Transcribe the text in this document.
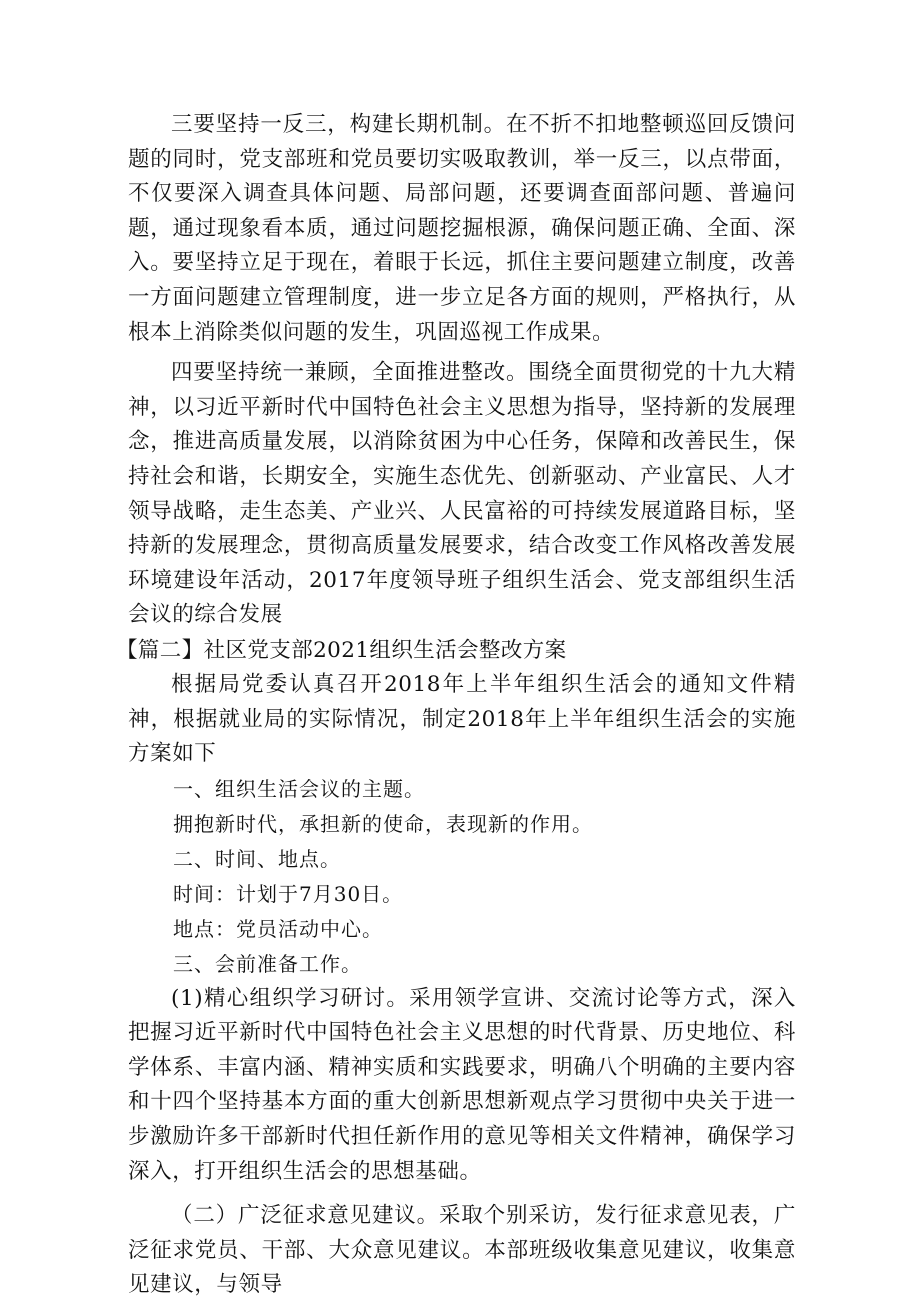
三要坚持一反三，构建长期机制。在不折不扣地整顿巡回反馈问题的同时，党支部班和党员要切实吸取教训，举一反三，以点带面，不仅要深入调查具体问题、局部问题，还要调查面部问题、普遍问题，通过现象看本质，通过问题挖掘根源，确保问题正确、全面、深入。要坚持立足于现在，着眼于长远，抓住主要问题建立制度，改善一方面问题建立管理制度，进一步立足各方面的规则，严格执行，从根本上消除类似问题的发生，巩固巡视工作成果。

四要坚持统一兼顾，全面推进整改。围绕全面贯彻党的十九大精神，以习近平新时代中国特色社会主义思想为指导，坚持新的发展理念，推进高质量发展，以消除贫困为中心任务，保障和改善民生，保持社会和谐，长期安全，实施生态优先、创新驱动、产业富民、人才领导战略，走生态美、产业兴、人民富裕的可持续发展道路目标，坚持新的发展理念，贯彻高质量发展要求，结合改变工作风格改善发展环境建设年活动，2017年度领导班子组织生活会、党支部组织生活会议的综合发展

【篇二】社区党支部2021组织生活会整改方案

根据局党委认真召开2018年上半年组织生活会的通知文件精神，根据就业局的实际情况，制定2018年上半年组织生活会的实施方案如下

一、组织生活会议的主题。

拥抱新时代，承担新的使命，表现新的作用。

二、时间、地点。

时间：计划于7月30日。

地点：党员活动中心。

三、会前准备工作。

(1)精心组织学习研讨。采用领学宣讲、交流讨论等方式，深入把握习近平新时代中国特色社会主义思想的时代背景、历史地位、科学体系、丰富内涵、精神实质和实践要求，明确八个明确的主要内容和十四个坚持基本方面的重大创新思想新观点学习贯彻中央关于进一步激励许多干部新时代担任新作用的意见等相关文件精神，确保学习深入，打开组织生活会的思想基础。

（二）广泛征求意见建议。采取个别采访，发行征求意见表，广泛征求党员、干部、大众意见建议。本部班级收集意见建议，收集意见建议，与领导
